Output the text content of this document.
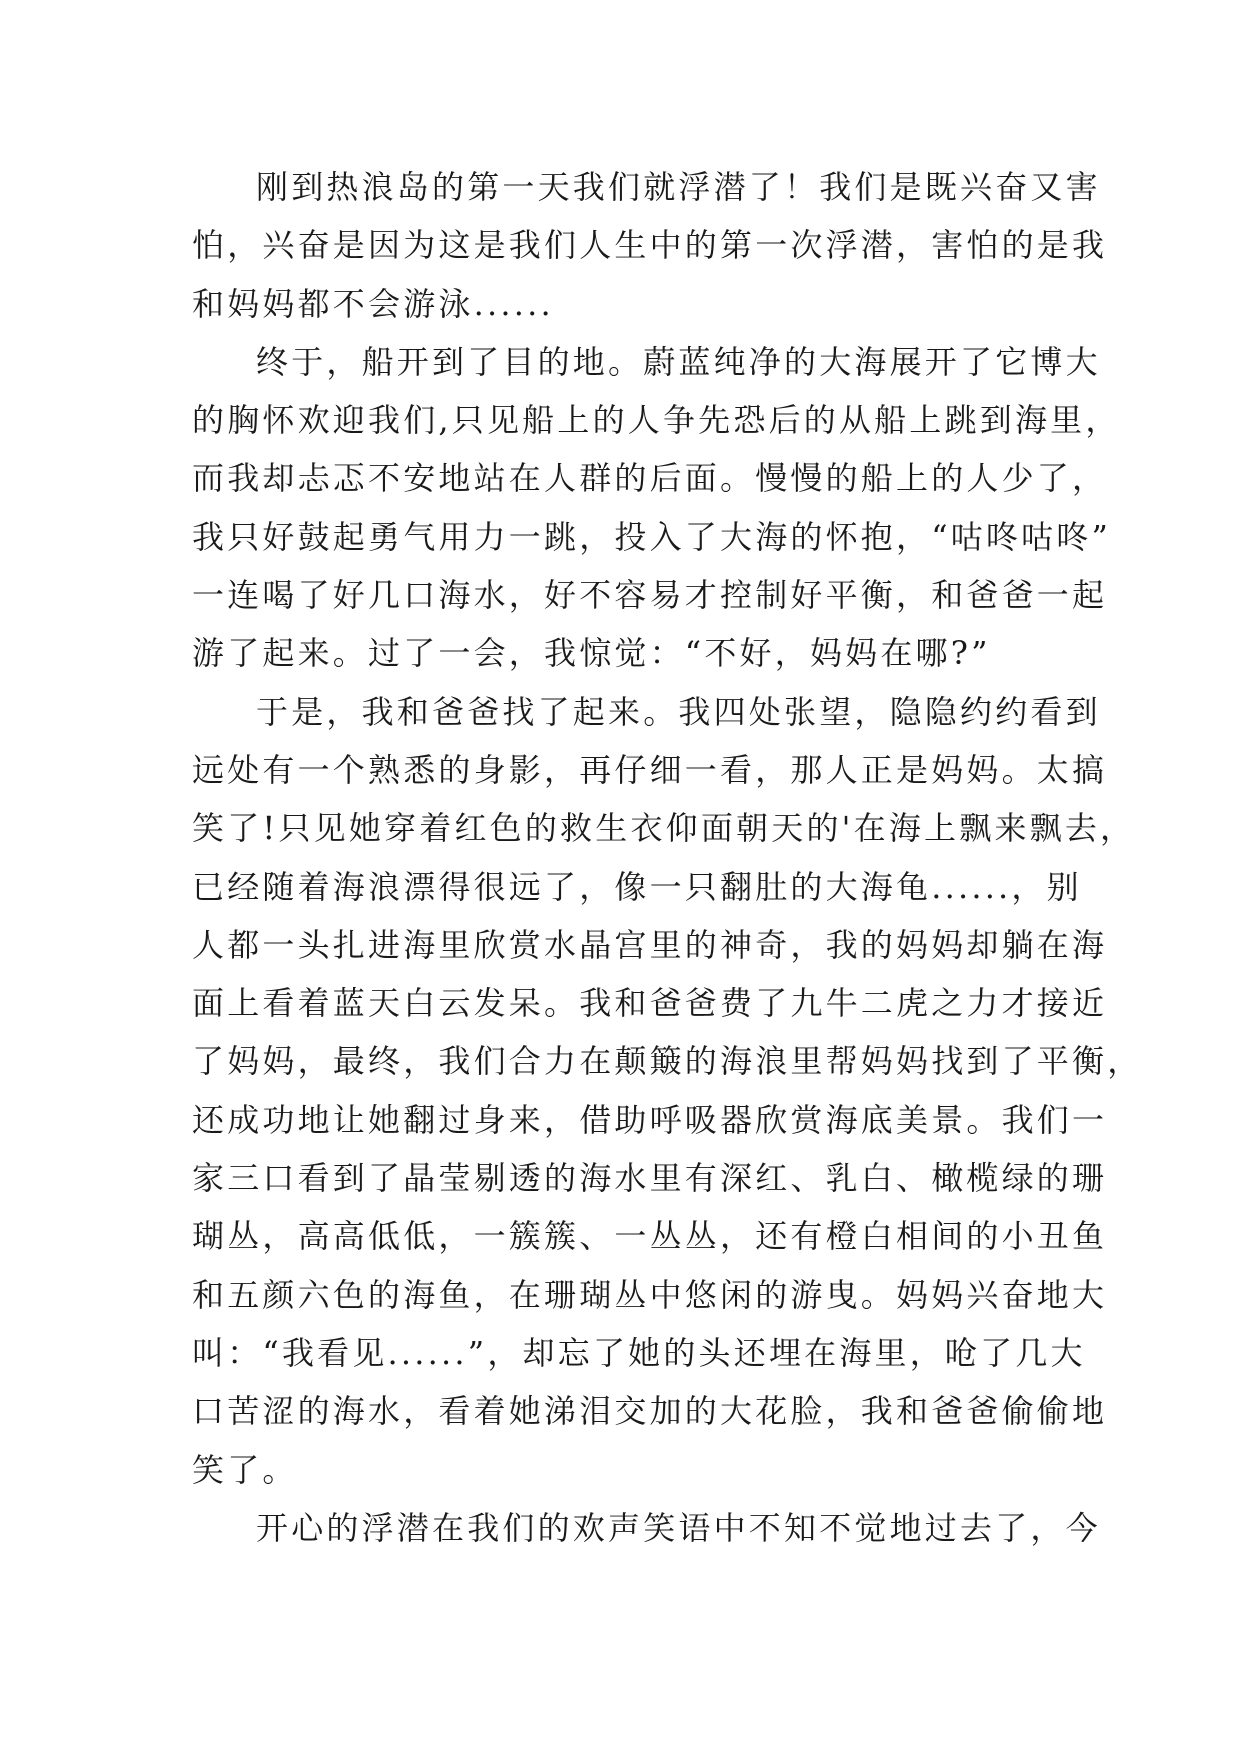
刚到热浪岛的第一天我们就浮潜了！我们是既兴奋又害
怕，兴奋是因为这是我们人生中的第一次浮潜，害怕的是我
和妈妈都不会游泳......
终于，船开到了目的地。蔚蓝纯净的大海展开了它博大
的胸怀欢迎我们,只见船上的人争先恐后的从船上跳到海里，
而我却忐忑不安地站在人群的后面。慢慢的船上的人少了，
我只好鼓起勇气用力一跳，投入了大海的怀抱，“咕咚咕咚”
一连喝了好几口海水，好不容易才控制好平衡，和爸爸一起
游了起来。过了一会，我惊觉：“不好，妈妈在哪?”
于是，我和爸爸找了起来。我四处张望，隐隐约约看到
远处有一个熟悉的身影，再仔细一看，那人正是妈妈。太搞
笑了!只见她穿着红色的救生衣仰面朝天的'在海上飘来飘去，
已经随着海浪漂得很远了，像一只翻肚的大海龟......，别
人都一头扎进海里欣赏水晶宫里的神奇，我的妈妈却躺在海
面上看着蓝天白云发呆。我和爸爸费了九牛二虎之力才接近
了妈妈，最终，我们合力在颠簸的海浪里帮妈妈找到了平衡，
还成功地让她翻过身来，借助呼吸器欣赏海底美景。我们一
家三口看到了晶莹剔透的海水里有深红、乳白、橄榄绿的珊
瑚丛，高高低低，一簇簇、一丛丛，还有橙白相间的小丑鱼
和五颜六色的海鱼，在珊瑚丛中悠闲的游曳。妈妈兴奋地大
叫：“我看见......”，却忘了她的头还埋在海里，呛了几大
口苦涩的海水，看着她涕泪交加的大花脸，我和爸爸偷偷地
笑了。
开心的浮潜在我们的欢声笑语中不知不觉地过去了，今
